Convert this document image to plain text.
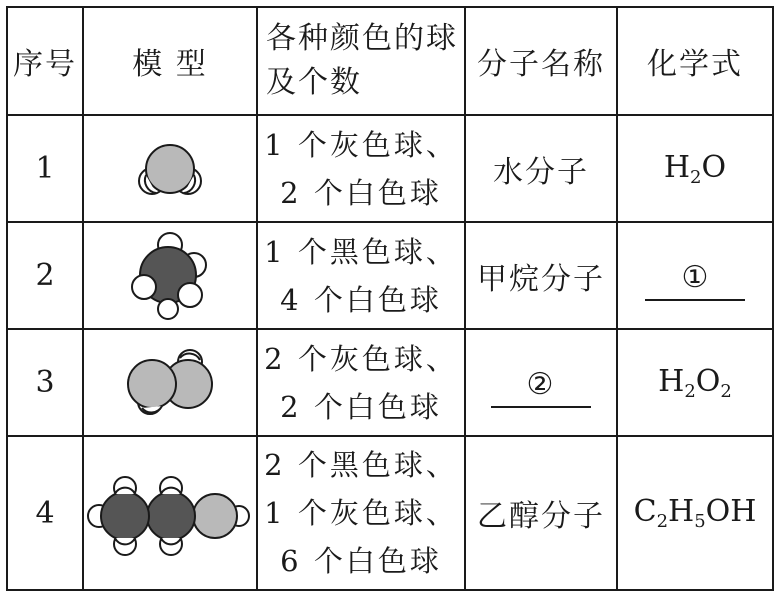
序号	模 型	各种颜色的球及个数	分子名称	化学式
1		1 个灰色球、
2 个白色球	水分子	$H_2O$
2		1 个黑色球、
4 个白色球	甲烷分子	①
3		2 个灰色球、
2 个白色球	②	$H_2O_2$
4		2 个黑色球、
1 个灰色球、
6 个白色球	乙醇分子	$C_2H_5OH$
